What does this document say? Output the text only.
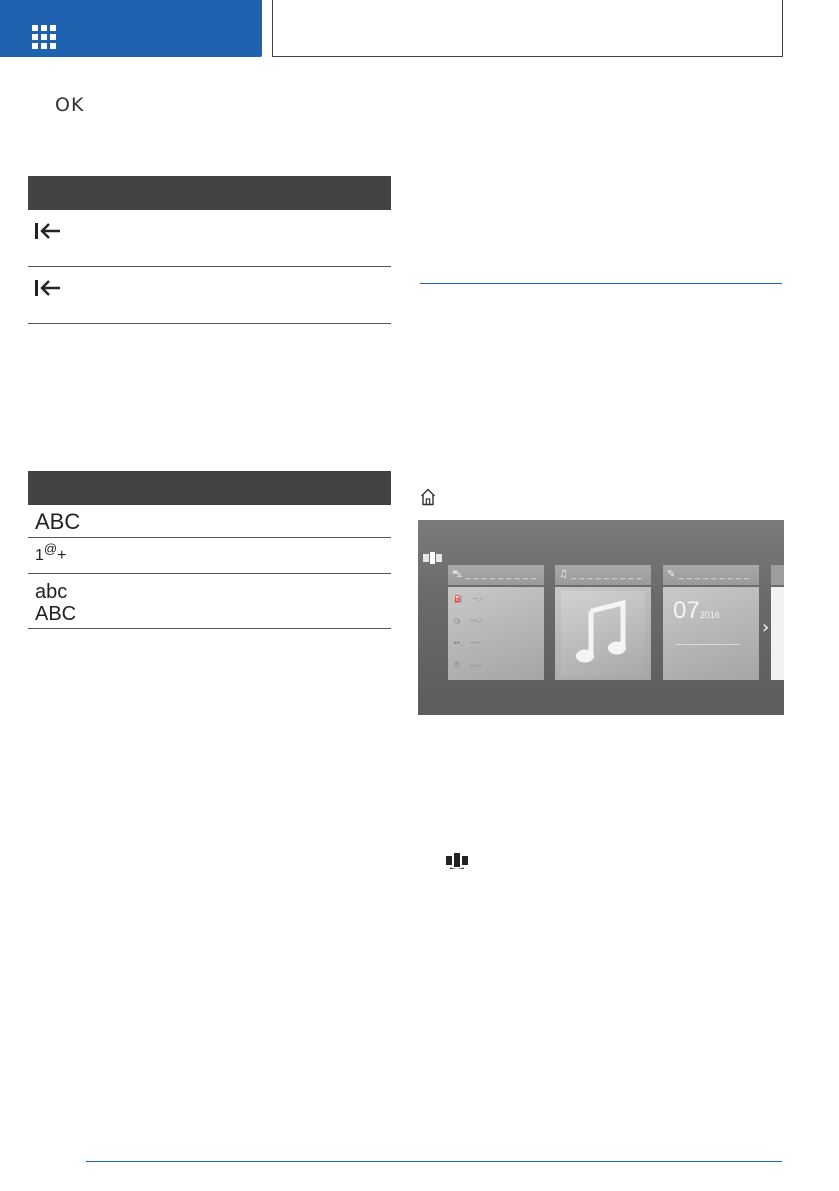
OK
ABC
1@+
abc
ABC
⛍ _ _ _ _ _ _ _ _ _
⛽ --.-
◷ ---.-
↔ ----
⏱ --:--
♫ _ _ _ _ _ _ _ _ _	✎ _ _ _ _ _ _ _ _ _
072016
›
